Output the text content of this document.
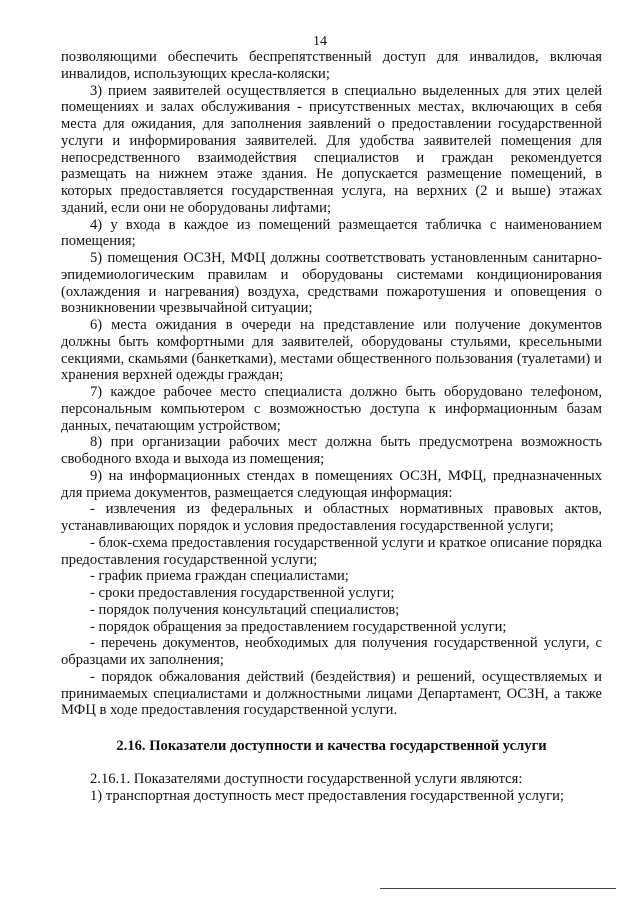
14

позволяющими обеспечить беспрепятственный доступ для инвалидов, включая инвалидов, использующих кресла-коляски;

3) прием заявителей осуществляется в специально выделенных для этих целей помещениях и залах обслуживания - присутственных местах, включающих в себя места для ожидания, для заполнения заявлений о предоставлении государственной услуги и информирования заявителей. Для удобства заявителей помещения для непосредственного взаимодействия специалистов и граждан рекомендуется размещать на нижнем этаже здания. Не допускается размещение помещений, в которых предоставляется государственная услуга, на верхних (2 и выше) этажах зданий, если они не оборудованы лифтами;

4) у входа в каждое из помещений размещается табличка с наименованием помещения;

5) помещения ОСЗН, МФЦ должны соответствовать установленным санитарно-эпидемиологическим правилам и оборудованы системами кондиционирования (охлаждения и нагревания) воздуха, средствами пожаротушения и оповещения о возникновении чрезвычайной ситуации;

6) места ожидания в очереди на представление или получение документов должны быть комфортными для заявителей, оборудованы стульями, кресельными секциями, скамьями (банкетками), местами общественного пользования (туалетами) и хранения верхней одежды граждан;

7) каждое рабочее место специалиста должно быть оборудовано телефоном, персональным компьютером с возможностью доступа к информационным базам данных, печатающим устройством;

8) при организации рабочих мест должна быть предусмотрена возможность свободного входа и выхода из помещения;

9) на информационных стендах в помещениях ОСЗН, МФЦ, предназначенных для приема документов, размещается следующая информация:

- извлечения из федеральных и областных нормативных правовых актов, устанавливающих порядок и условия предоставления государственной услуги;

- блок-схема предоставления государственной услуги и краткое описание порядка предоставления государственной услуги;

- график приема граждан специалистами;

- сроки предоставления государственной услуги;

- порядок получения консультаций специалистов;

- порядок обращения за предоставлением государственной услуги;

- перечень документов, необходимых для получения государственной услуги, с образцами их заполнения;

- порядок обжалования действий (бездействия) и решений, осуществляемых и принимаемых специалистами и должностными лицами Департамент, ОСЗН, а также МФЦ в ходе предоставления государственной услуги.

2.16. Показатели доступности и качества государственной услуги

2.16.1. Показателями доступности государственной услуги являются:

1) транспортная доступность мест предоставления государственной услуги;
